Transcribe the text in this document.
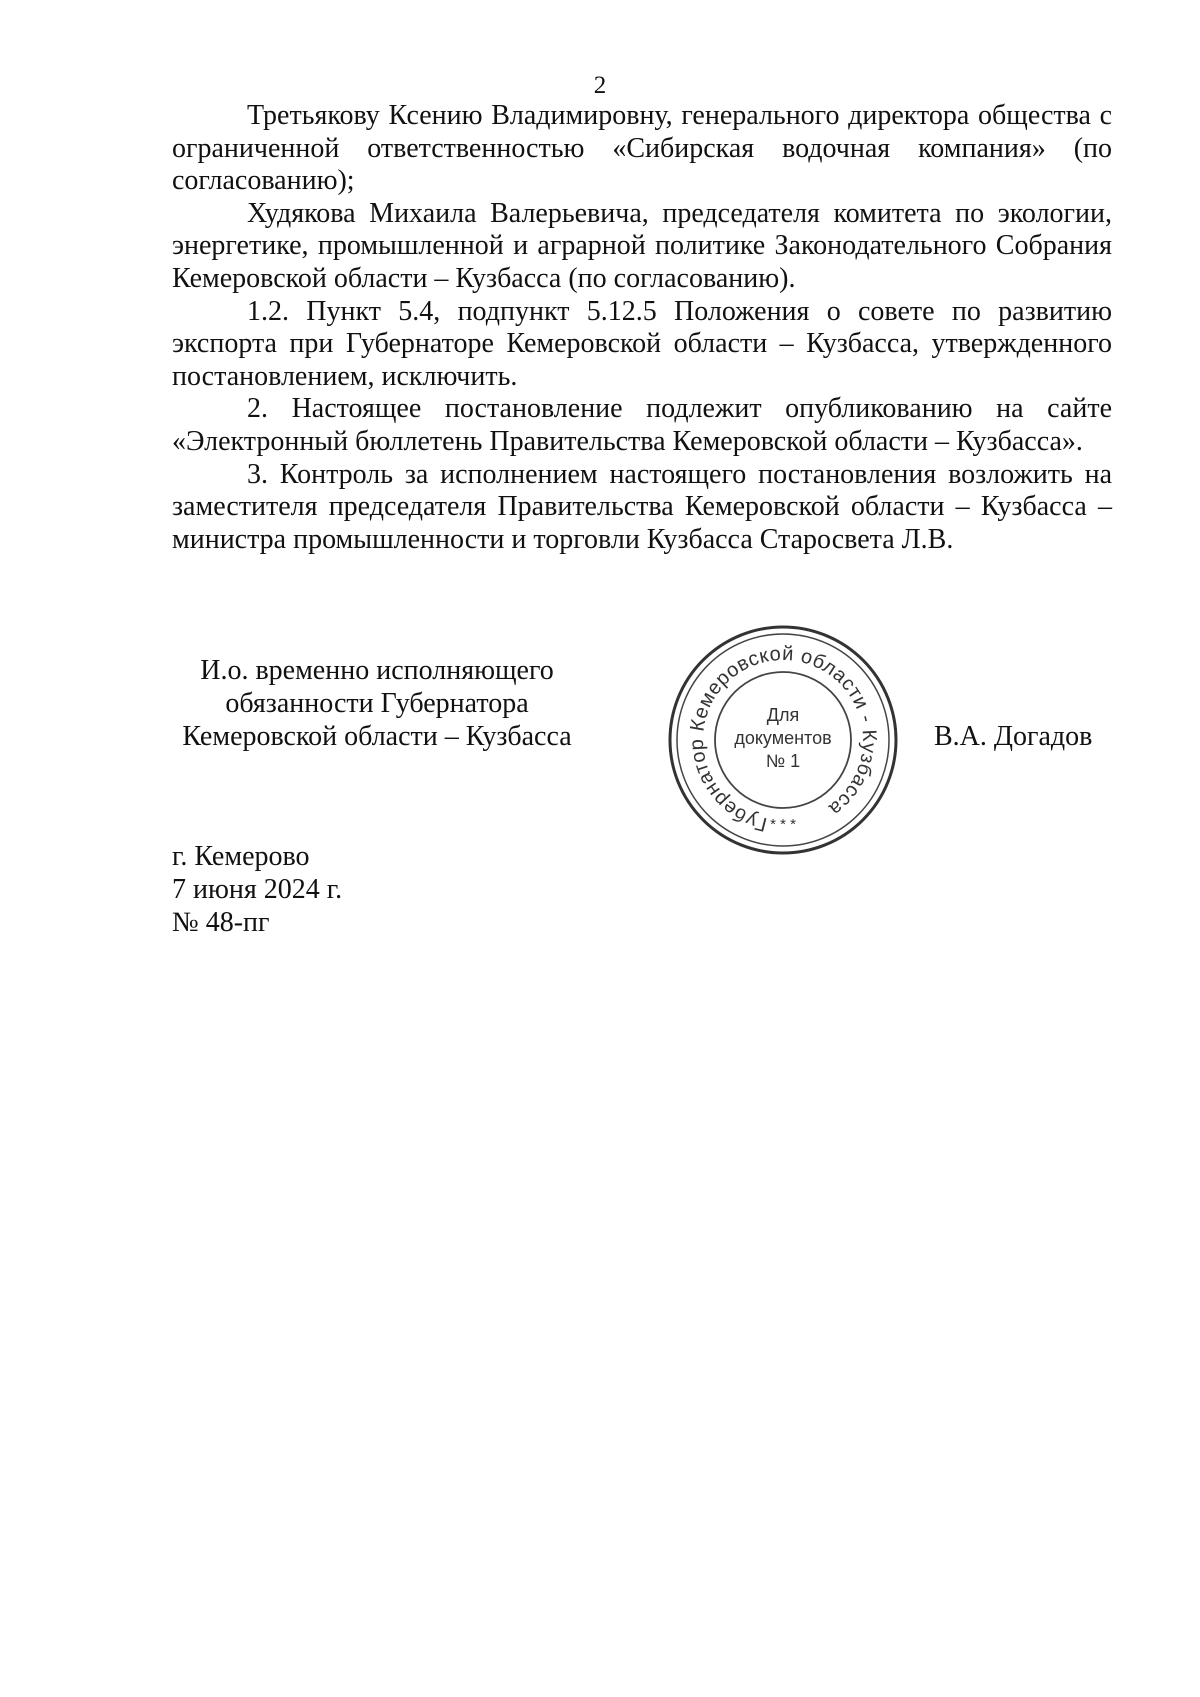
2

Третьякову Ксению Владимировну, генерального директора общества с ограниченной ответственностью «Сибирская водочная компания» (по согласованию);

Худякова Михаила Валерьевича, председателя комитета по экологии, энергетике, промышленной и аграрной политике Законодательного Собрания Кемеровской области – Кузбасса (по согласованию).

1.2. Пункт 5.4, подпункт 5.12.5 Положения о совете по развитию экспорта при Губернаторе Кемеровской области – Кузбасса, утвержденного постановлением, исключить.

2. Настоящее постановление подлежит опубликованию на сайте «Электронный бюллетень Правительства Кемеровской области – Кузбасса».

3. Контроль за исполнением настоящего постановления возложить на заместителя председателя Правительства Кемеровской области – Кузбасса – министра промышленности и торговли Кузбасса Старосвета Л.В.

И.о. временно исполняющего
обязанности Губернатора
Кемеровской области – Кузбасса
Губернатор Кемеровской области - Кузбасса
* * *
Для
документов
№ 1
В.А. Догадов
г. Кемерово
7 июня 2024 г.
№ 48-пг
